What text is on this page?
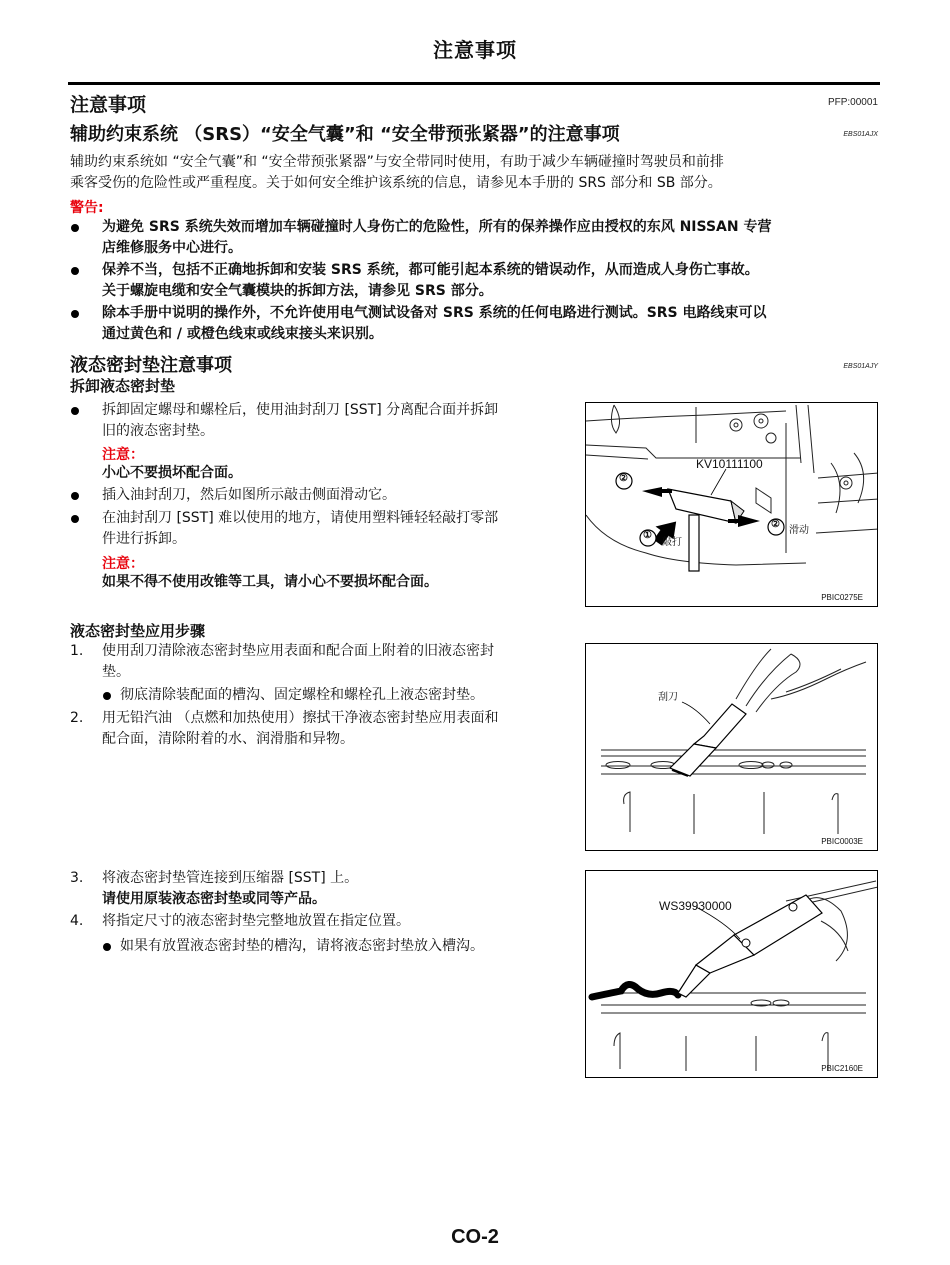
注意事项
注意事项	PFP:00001
辅助约束系统 （SRS）“安全气囊”和 “安全带预张紧器”的注意事项	EBS01AJX
辅助约束系统如 “安全气囊”和 “安全带预张紧器”与安全带同时使用，有助于减少车辆碰撞时驾驶员和前排
乘客受伤的危险性或严重程度。关于如何安全维护该系统的信息，请参见本手册的 SRS 部分和 SB 部分。
警告:
为避免 SRS 系统失效而增加车辆碰撞时人身伤亡的危险性，所有的保养操作应由授权的东风 NISSAN 专营
店维修服务中心进行。
保养不当，包括不正确地拆卸和安装 SRS 系统，都可能引起本系统的错误动作，从而造成人身伤亡事故。
关于螺旋电缆和安全气囊模块的拆卸方法，请参见 SRS 部分。
除本手册中说明的操作外，不允许使用电气测试设备对 SRS 系统的任何电路进行测试。SRS 电路线束可以
通过黄色和 / 或橙色线束或线束接头来识别。
液态密封垫注意事项	EBS01AJY
拆卸液态密封垫
拆卸固定螺母和螺栓后，使用油封刮刀 [SST] 分离配合面并拆卸
旧的液态密封垫。
注意：
小心不要损坏配合面。
插入油封刮刀，然后如图所示敲击侧面滑动它。
在油封刮刀 [SST] 难以使用的地方，请使用塑料锤轻轻敲打零部
件进行拆卸。
注意：
如果不得不使用改锥等工具，请小心不要损坏配合面。
液态密封垫应用步骤
1. 使用刮刀清除液态密封垫应用表面和配合面上附着的旧液态密封
垫。
彻底清除装配面的槽沟、固定螺栓和螺栓孔上液态密封垫。
2. 用无铅汽油 （点燃和加热使用）擦拭干净液态密封垫应用表面和
配合面，清除附着的水、润滑脂和异物。
3. 将液态密封垫管连接到压缩器 [SST] 上。
请使用原装液态密封垫或同等产品。
4. 将指定尺寸的液态密封垫完整地放置在指定位置。
如果有放置液态密封垫的槽沟，请将液态密封垫放入槽沟。
KV10111100
②
②
①
敲打
滑动
PBIC0275E
刮刀
PBIC0003E
WS39930000
PBIC2160E
CO-2
